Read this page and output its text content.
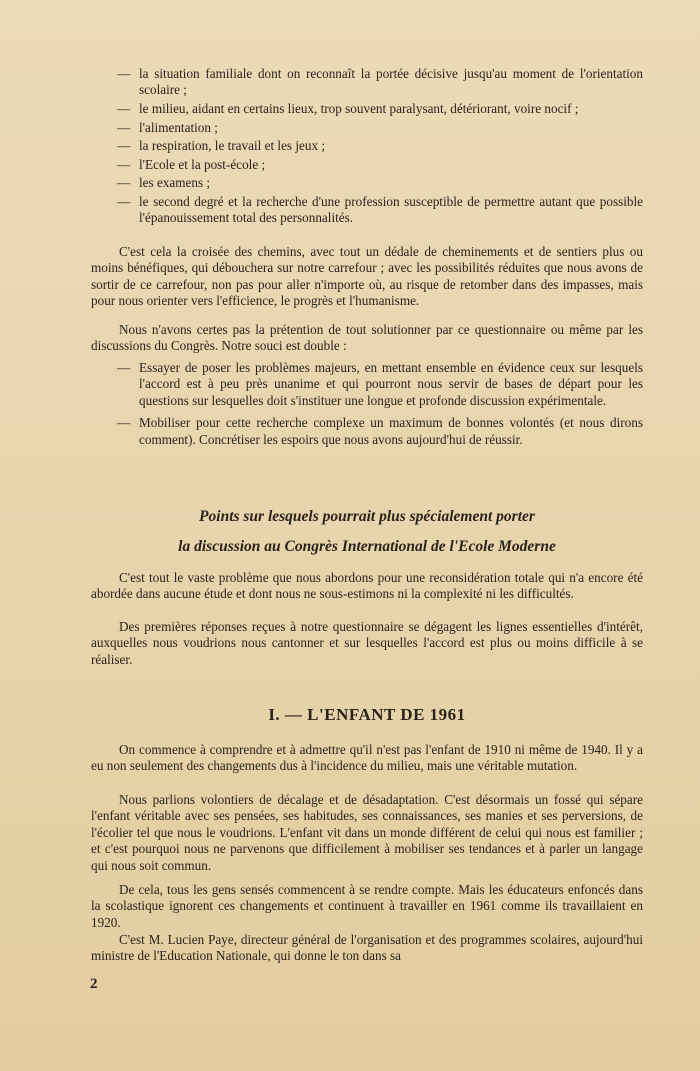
— la situation familiale dont on reconnaît la portée décisive jusqu'au moment de l'orientation scolaire ;
— le milieu, aidant en certains lieux, trop souvent paralysant, détériorant, voire nocif ;
— l'alimentation ;
— la respiration, le travail et les jeux ;
— l'Ecole et la post-école ;
— les examens ;
— le second degré et la recherche d'une profession susceptible de permettre autant que possible l'épanouissement total des personnalités.

C'est cela la croisée des chemins, avec tout un dédale de cheminements et de sentiers plus ou moins bénéfiques, qui débouchera sur notre carrefour ; avec les possibilités réduites que nous avons de sortir de ce carrefour, non pas pour aller n'importe où, au risque de retomber dans des impasses, mais pour nous orienter vers l'efficience, le progrès et l'humanisme.

Nous n'avons certes pas la prétention de tout solutionner par ce questionnaire ou même par les discussions du Congrès. Notre souci est double :

— Essayer de poser les problèmes majeurs, en mettant ensemble en évidence ceux sur lesquels l'accord est à peu près unanime et qui pourront nous servir de bases de départ pour les questions sur lesquelles doit s'instituer une longue et profonde discussion expérimentale.
— Mobiliser pour cette recherche complexe un maximum de bonnes volontés (et nous dirons comment). Concrétiser les espoirs que nous avons aujourd'hui de réussir.
Points sur lesquels pourrait plus spécialement porter
la discussion au Congrès International de l'Ecole Moderne

C'est tout le vaste problème que nous abordons pour une reconsidération totale qui n'a encore été abordée dans aucune étude et dont nous ne sous-estimons ni la complexité ni les difficultés.

Des premières réponses reçues à notre questionnaire se dégagent les lignes essentielles d'intérêt, auxquelles nous voudrions nous cantonner et sur lesquelles l'accord est plus ou moins difficile à se réaliser.

I. — L'ENFANT DE 1961

On commence à comprendre et à admettre qu'il n'est pas l'enfant de 1910 ni même de 1940. Il y a eu non seulement des changements dus à l'incidence du milieu, mais une véritable mutation.

Nous parlions volontiers de décalage et de désadaptation. C'est désormais un fossé qui sépare l'enfant véritable avec ses pensées, ses habitudes, ses connaissances, ses manies et ses perversions, de l'écolier tel que nous le voudrions. L'enfant vit dans un monde différent de celui qui nous est familier ; et c'est pourquoi nous ne parvenons que difficilement à mobiliser ses tendances et à parler un langage qui nous soit commun.

De cela, tous les gens sensés commencent à se rendre compte. Mais les éducateurs enfoncés dans la scolastique ignorent ces changements et continuent à travailler en 1961 comme ils travaillaient en 1920.

C'est M. Lucien Paye, directeur général de l'organisation et des programmes scolaires, aujourd'hui ministre de l'Education Nationale, qui donne le ton dans sa

2
